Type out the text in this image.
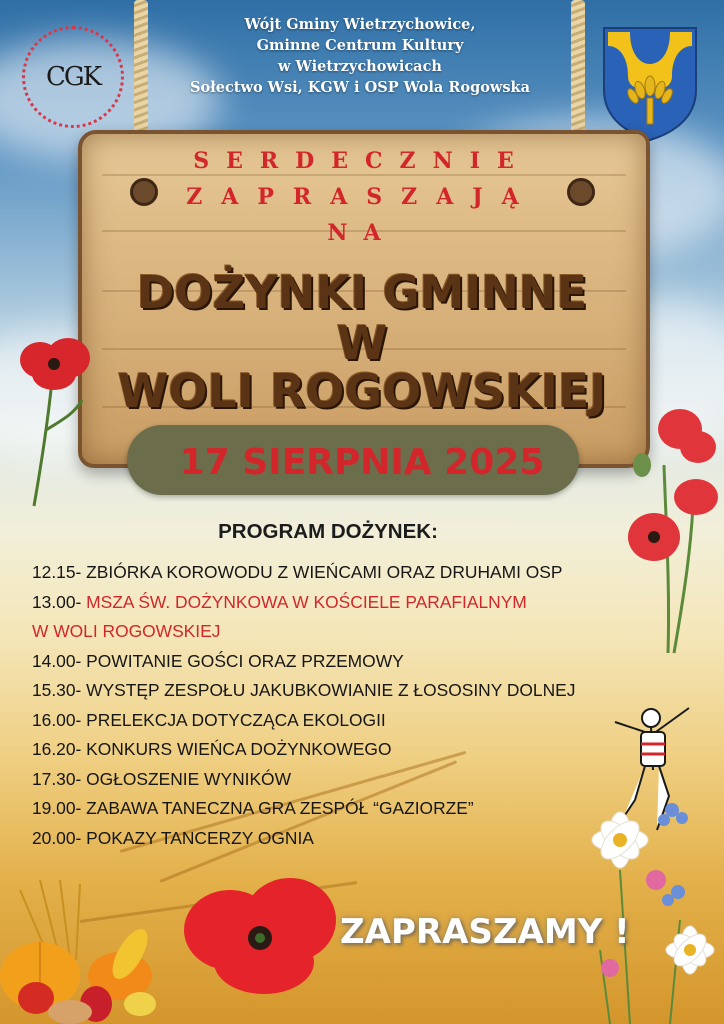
Wójt Gminy Wietrzychowice,
Gminne Centrum Kultury
w Wietrzychowicach
Sołectwo Wsi, KGW i OSP Wola Rogowska
CGK
SERDECZNIE
ZAPRASZAJĄ
NA
DOŻYNKI GMINNE
W
WOLI ROGOWSKIEJ
17 SIERPNIA 2025
PROGRAM DOŻYNEK:
12.15- ZBIÓRKA KOROWODU Z WIEŃCAMI ORAZ DRUHAMI OSP
13.00- MSZA ŚW. DOŻYNKOWA W KOŚCIELE PARAFIALNYM
W WOLI ROGOWSKIEJ
14.00- POWITANIE GOŚCI ORAZ PRZEMOWY
15.30- WYSTĘP ZESPOŁU JAKUBKOWIANIE Z ŁOSOSINY DOLNEJ
16.00- PRELEKCJA DOTYCZĄCA EKOLOGII
16.20- KONKURS WIEŃCA DOŻYNKOWEGO
17.30- OGŁOSZENIE WYNIKÓW
19.00- ZABAWA TANECZNA GRA ZESPÓŁ “GAZIORZE”
20.00- POKAZY TANCERZY OGNIA
ZAPRASZAMY !
